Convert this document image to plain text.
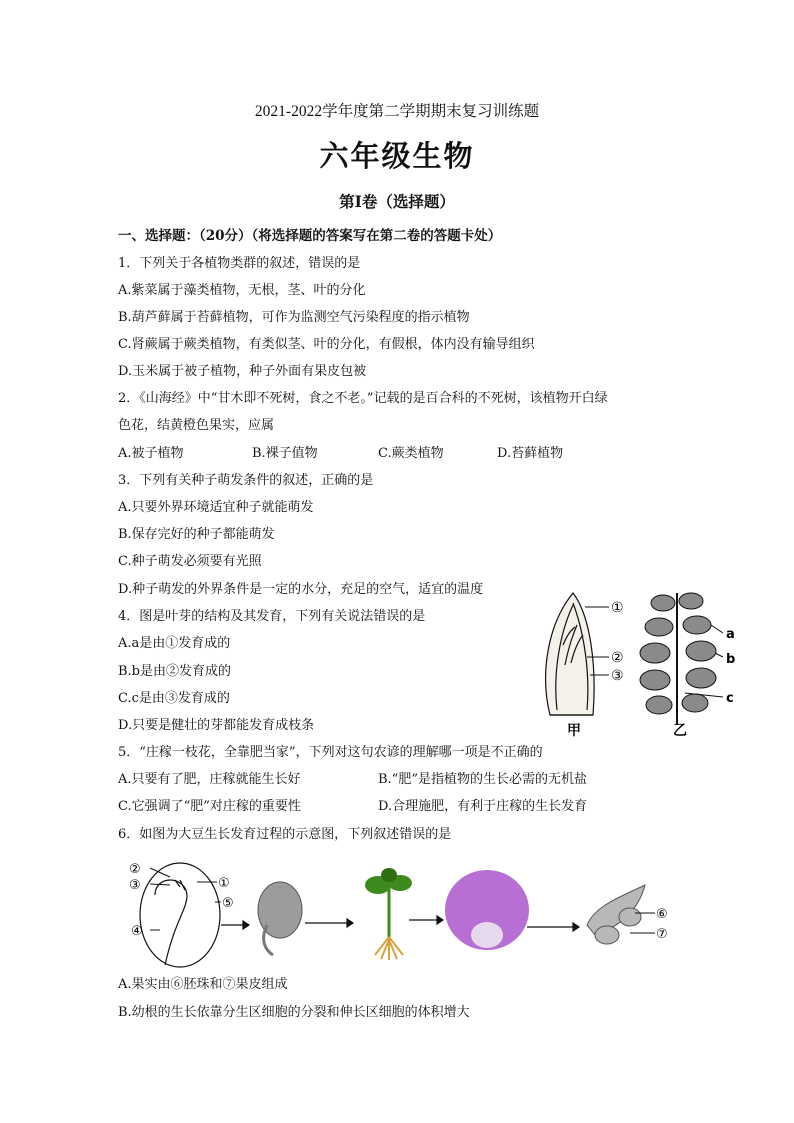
2021-2022学年度第二学期期末复习训练题
六年级生物
第Ⅰ卷（选择题）
一、选择题：（20分）（将选择题的答案写在第二卷的答题卡处）
1．下列关于各植物类群的叙述，错误的是
A.紫菜属于藻类植物，无根，茎、叶的分化
B.葫芦藓属于苔藓植物，可作为监测空气污染程度的指示植物
C.肾蕨属于蕨类植物，有类似茎、叶的分化，有假根，体内没有输导组织
D.玉米属于被子植物，种子外面有果皮包被
2．《山海经》中“甘木即不死树，食之不老。”记载的是百合科的不死树，该植物开白绿
色花，结黄橙色果实，应属
A.被子植物	B.裸子值物	C.蕨类植物	D.苔藓植物
3．下列有关种子萌发条件的叙述，正确的是
A.只要外界环境适宜种子就能萌发
B.保存完好的种子都能萌发
C.种子萌发必须要有光照
D.种子萌发的外界条件是一定的水分，充足的空气，适宜的温度
4．图是叶芽的结构及其发育，下列有关说法错误的是
A.a是由①发育成的
B.b是由②发育成的
C.c是由③发育成的
D.只要是健壮的芽都能发育成枝条
①
②
③
甲
a
b
c
乙
5．“庄稼一枝花，全靠肥当家”，下列对这句农谚的理解哪一项是不正确的
A.只要有了肥，庄稼就能生长好	B.“肥”是指植物的生长必需的无机盐
C.它强调了“肥”对庄稼的重要性	D.合理施肥，有利于庄稼的生长发育
6．如图为大豆生长发育过程的示意图，下列叙述错误的是
②
③	①
⑤
④
⑥
⑦
A.果实由⑥胚珠和⑦果皮组成
B.幼根的生长依靠分生区细胞的分裂和伸长区细胞的体积增大
